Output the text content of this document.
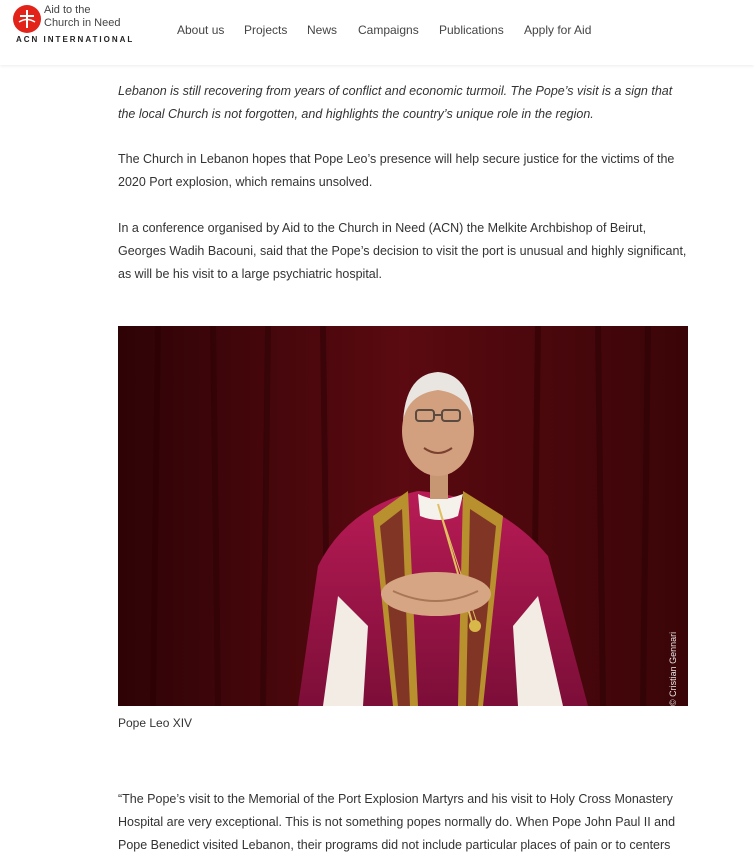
Aid to the
Church in Need
ACN INTERNATIONAL
About us Projects News Campaigns Publications Apply for Aid

Lebanon is still recovering from years of conflict and economic turmoil. The Pope’s visit is a sign that the local Church is not forgotten, and highlights the country’s unique role in the region.

The Church in Lebanon hopes that Pope Leo’s presence will help secure justice for the victims of the 2020 Port explosion, which remains unsolved.

In a conference organised by Aid to the Church in Need (ACN) the Melkite Archbishop of Beirut, Georges Wadih Bacouni, said that the Pope’s decision to visit the port is unusual and highly significant, as will be his visit to a large psychiatric hospital.

“The Pope’s visit to the Memorial of the Port Explosion Martyrs and his visit to Holy Cross Monastery Hospital are very exceptional. This is not something popes normally do. When Pope John Paul II and Pope Benedict visited Lebanon, their programs did not include particular places of pain or to centers

© Cristian Gennari
Pope Leo XIV
